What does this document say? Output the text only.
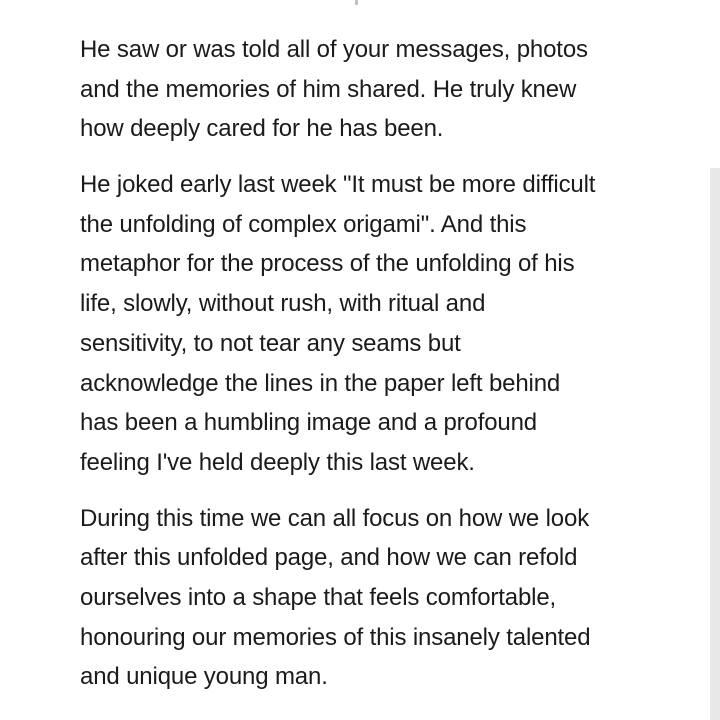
He saw or was told all of your messages, photos
and the memories of him shared. He truly knew
how deeply cared for he has been.

He joked early last week "It must be more difficult
the unfolding of complex origami". And this
metaphor for the process of the unfolding of his
life, slowly, without rush, with ritual and
sensitivity, to not tear any seams but
acknowledge the lines in the paper left behind
has been a humbling image and a profound
feeling I've held deeply this last week.

During this time we can all focus on how we look
after this unfolded page, and how we can refold
ourselves into a shape that feels comfortable,
honouring our memories of this insanely talented
and unique young man.
